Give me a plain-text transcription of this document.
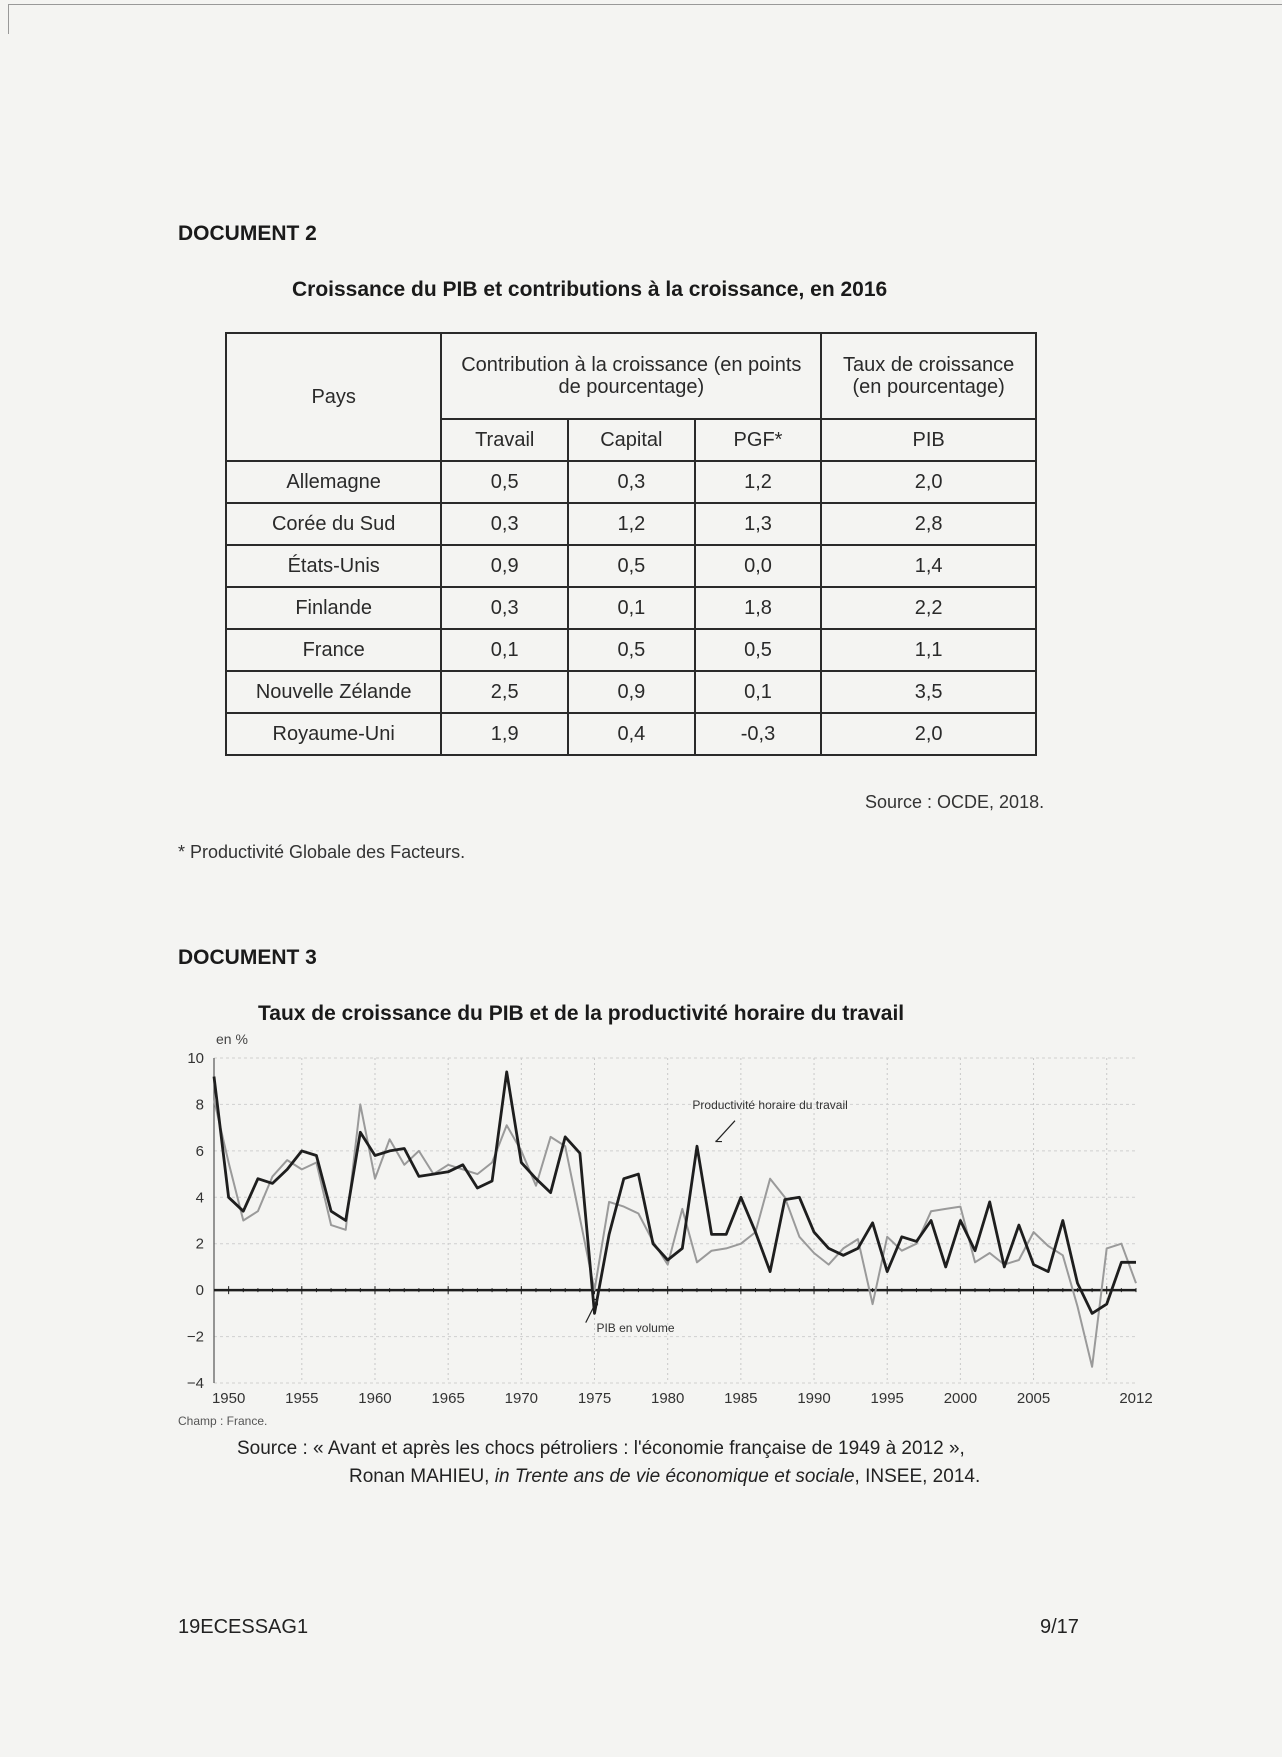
DOCUMENT 2
Croissance du PIB et contributions à la croissance, en 2016
Pays	Contribution à la croissance (en points de pourcentage)			Taux de croissance (en pourcentage)
	Travail	Capital	PGF*	PIB
Allemagne	0,5	0,3	1,2	2,0
Corée du Sud	0,3	1,2	1,3	2,8
États-Unis	0,9	0,5	0,0	1,4
Finlande	0,3	0,1	1,8	2,2
France	0,1	0,5	0,5	1,1
Nouvelle Zélande	2,5	0,9	0,1	3,5
Royaume-Uni	1,9	0,4	-0,3	2,0
Source : OCDE, 2018.
* Productivité Globale des Facteurs.
DOCUMENT 3
Taux de croissance du PIB et de la productivité horaire du travail
10
8
6
4
2
0
−2
−4
en %
1950	1955	1960	1965	1970	1975	1980	1985	1990	1995	2000	2005	2012
Champ : France.
Productivité horaire du travail
PIB en volume
Source : « Avant et après les chocs pétroliers : l'économie française de 1949 à 2012 »,
Ronan MAHIEU, in Trente ans de vie économique et sociale, INSEE, 2014.
19ECESSAG1	9/17
